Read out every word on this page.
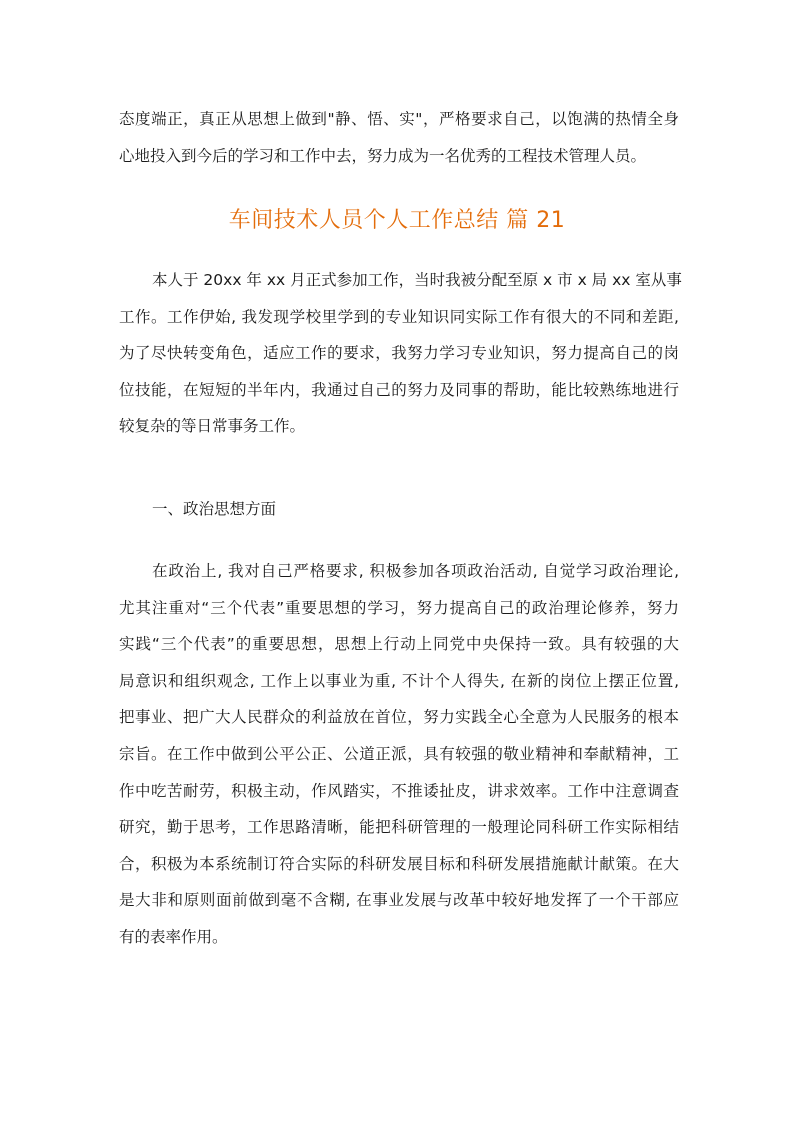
态度端正，真正从思想上做到"静、悟、实"，严格要求自己，以饱满的热情全身
心地投入到今后的学习和工作中去，努力成为一名优秀的工程技术管理人员。
车间技术人员个人工作总结 篇 21
本人于 20xx 年 xx 月正式参加工作，当时我被分配至原 x 市 x 局 xx 室从事
工作。工作伊始, 我发现学校里学到的专业知识同实际工作有很大的不同和差距,
为了尽快转变角色，适应工作的要求，我努力学习专业知识，努力提高自己的岗
位技能，在短短的半年内，我通过自己的努力及同事的帮助，能比较熟练地进行
较复杂的等日常事务工作。
一、政治思想方面
在政治上, 我对自己严格要求, 积极参加各项政治活动, 自觉学习政治理论,
尤其注重对“三个代表”重要思想的学习，努力提高自己的政治理论修养，努力
实践“三个代表”的重要思想，思想上行动上同党中央保持一致。具有较强的大
局意识和组织观念, 工作上以事业为重, 不计个人得失, 在新的岗位上摆正位置,
把事业、把广大人民群众的利益放在首位，努力实践全心全意为人民服务的根本
宗旨。在工作中做到公平公正、公道正派，具有较强的敬业精神和奉献精神，工
作中吃苦耐劳，积极主动，作风踏实，不推诿扯皮，讲求效率。工作中注意调查
研究，勤于思考，工作思路清晰，能把科研管理的一般理论同科研工作实际相结
合，积极为本系统制订符合实际的科研发展目标和科研发展措施献计献策。在大
是大非和原则面前做到毫不含糊, 在事业发展与改革中较好地发挥了一个干部应
有的表率作用。
